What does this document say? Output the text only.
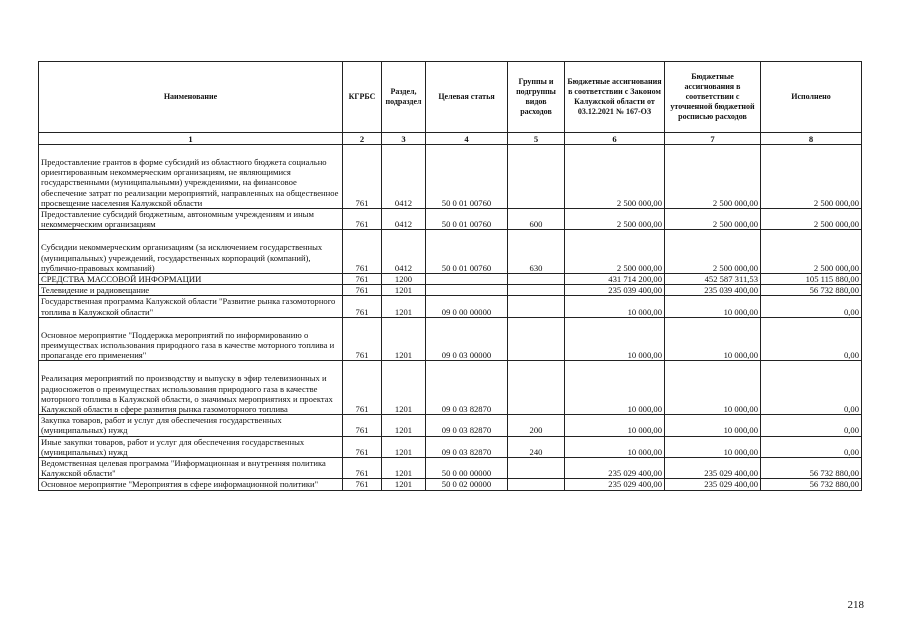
Наименование	КГРБС	Раздел, подраздел	Целевая статья	Группы и подгруппы видов расходов	Бюджетные ассигнования в соответствии с Законом Калужской области от 03.12.2021 № 167-ОЗ	Бюджетные ассигнования в соответствии с уточненной бюджетной росписью расходов	Исполнено
1	2	3	4	5	6	7	8
Предоставление грантов в форме субсидий из областного бюджета социально ориентированным некоммерческим организациям, не являющимися государственными (муниципальными) учреждениями, на финансовое обеспечение затрат по реализации мероприятий, направленных на общественное просвещение населения Калужской области	761	0412	50 0 01 00760		2 500 000,00	2 500 000,00	2 500 000,00
Предоставление субсидий бюджетным, автономным учреждениям и иным некоммерческим организациям	761	0412	50 0 01 00760	600	2 500 000,00	2 500 000,00	2 500 000,00
Субсидии некоммерческим организациям (за исключением государственных (муниципальных) учреждений, государственных корпораций (компаний), публично-правовых компаний)	761	0412	50 0 01 00760	630	2 500 000,00	2 500 000,00	2 500 000,00
СРЕДСТВА МАССОВОЙ ИНФОРМАЦИИ	761	1200			431 714 200,00	452 587 311,53	105 115 880,00
Телевидение и радиовещание	761	1201			235 039 400,00	235 039 400,00	56 732 880,00
Государственная программа Калужской области "Развитие рынка газомоторного топлива в Калужской области"	761	1201	09 0 00 00000		10 000,00	10 000,00	0,00
Основное мероприятие "Поддержка мероприятий по информированию о преимуществах использования природного газа в качестве моторного топлива и пропаганде его применения"	761	1201	09 0 03 00000		10 000,00	10 000,00	0,00
Реализация мероприятий по производству и выпуску в эфир телевизионных и радиосюжетов о преимуществах использования природного газа в качестве моторного топлива в Калужской области, о значимых мероприятиях и проектах Калужской области в сфере развития рынка газомоторного топлива	761	1201	09 0 03 82870		10 000,00	10 000,00	0,00
Закупка товаров, работ и услуг для обеспечения государственных (муниципальных) нужд	761	1201	09 0 03 82870	200	10 000,00	10 000,00	0,00
Иные закупки товаров, работ и услуг для обеспечения государственных (муниципальных) нужд	761	1201	09 0 03 82870	240	10 000,00	10 000,00	0,00
Ведомственная целевая программа "Информационная и внутренняя политика Калужской области"	761	1201	50 0 00 00000		235 029 400,00	235 029 400,00	56 732 880,00
Основное мероприятие "Мероприятия в сфере информационной политики"	761	1201	50 0 02 00000		235 029 400,00	235 029 400,00	56 732 880,00
218
